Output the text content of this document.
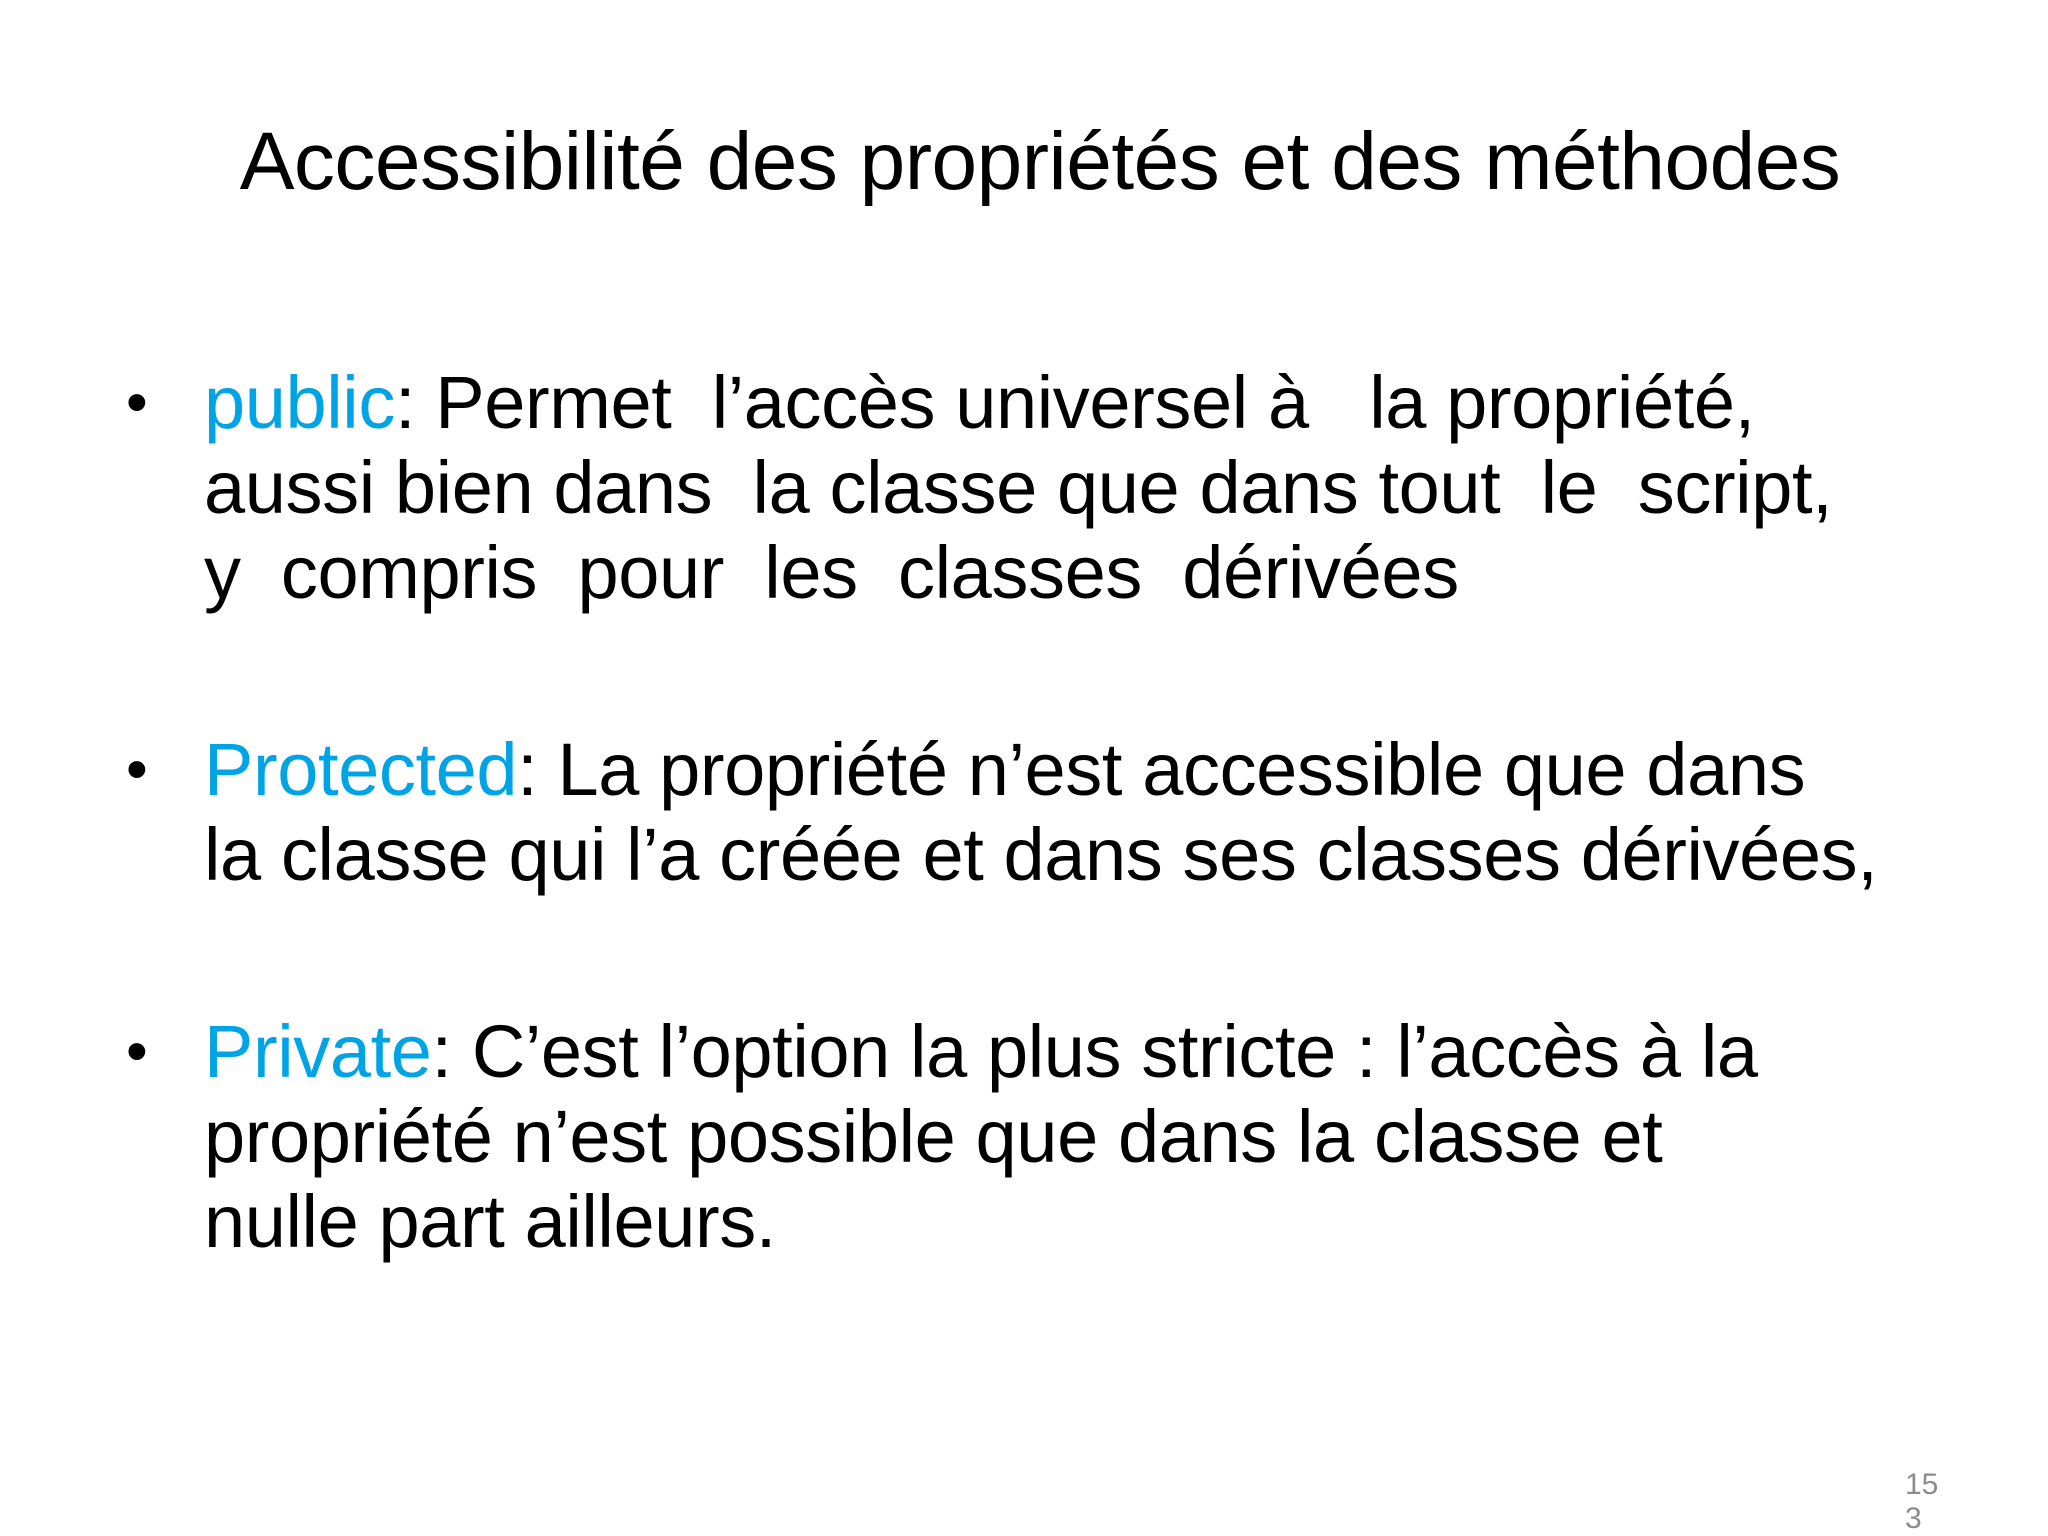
Accessibilité des propriétés et des méthodes
• public: Permet  l’accès universel à   la propriété,
aussi bien dans  la classe que dans tout  le  script,
y  compris  pour  les  classes  dérivées
• Protected: La propriété n’est accessible que dans
la classe qui l’a créée et dans ses classes dérivées,
• Private: C’est l’option la plus stricte : l’accès à la
propriété n’est possible que dans la classe et
nulle part ailleurs.
15
3
